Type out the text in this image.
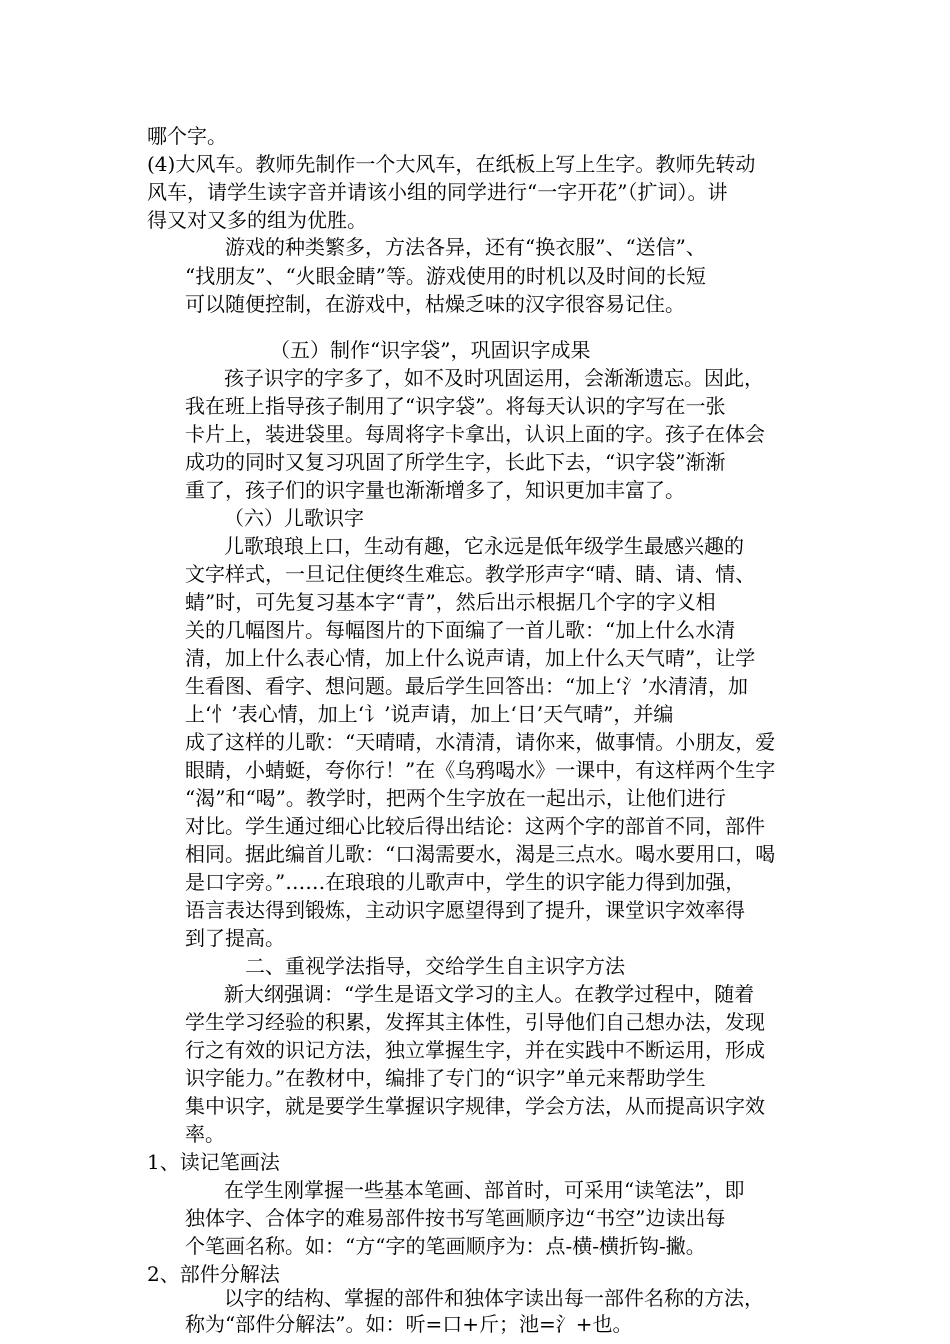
哪个字。
(4)大风车。教师先制作一个大风车，在纸板上写上生字。教师先转动
风车，请学生读字音并请该小组的同学进行“一字开花”（扩词）。讲
得又对又多的组为优胜。
游戏的种类繁多，方法各异，还有“换衣服”、“送信”、
“找朋友”、“火眼金睛”等。游戏使用的时机以及时间的长短
可以随便控制，在游戏中，枯燥乏味的汉字很容易记住。
（五）制作“识字袋”，巩固识字成果
孩子识字的字多了，如不及时巩固运用，会渐渐遗忘。因此，
我在班上指导孩子制用了“识字袋”。将每天认识的字写在一张
卡片上，装进袋里。每周将字卡拿出，认识上面的字。孩子在体会
成功的同时又复习巩固了所学生字，长此下去，“识字袋”渐渐
重了，孩子们的识字量也渐渐增多了，知识更加丰富了。
（六）儿歌识字
儿歌琅琅上口，生动有趣，它永远是低年级学生最感兴趣的
文字样式，一旦记住便终生难忘。教学形声字“晴、睛、请、情、
蜻”时，可先复习基本字“青”，然后出示根据几个字的字义相
关的几幅图片。每幅图片的下面编了一首儿歌：“加上什么水清
清，加上什么表心情，加上什么说声请，加上什么天气晴”，让学
生看图、看字、想问题。最后学生回答出：“加上‘氵’水清清，加
上‘忄’表心情，加上‘讠’说声请，加上‘日’天气晴”，并编
成了这样的儿歌：“天晴晴，水清清，请你来，做事情。小朋友，爱
眼睛，小蜻蜓，夸你行！”在《乌鸦喝水》一课中，有这样两个生字
“渴”和“喝”。教学时，把两个生字放在一起出示，让他们进行
对比。学生通过细心比较后得出结论：这两个字的部首不同，部件
相同。据此编首儿歌：“口渴需要水，渴是三点水。喝水要用口，喝
是口字旁。”……在琅琅的儿歌声中，学生的识字能力得到加强，
语言表达得到锻炼，主动识字愿望得到了提升，课堂识字效率得
到了提高。
二、重视学法指导，交给学生自主识字方法
新大纲强调：“学生是语文学习的主人。在教学过程中，随着
学生学习经验的积累，发挥其主体性，引导他们自己想办法，发现
行之有效的识记方法，独立掌握生字，并在实践中不断运用，形成
识字能力。”在教材中，编排了专门的“识字”单元来帮助学生
集中识字，就是要学生掌握识字规律，学会方法，从而提高识字效
率。
1、读记笔画法
在学生刚掌握一些基本笔画、部首时，可采用“读笔法”，即
独体字、合体字的难易部件按书写笔画顺序边“书空”边读出每
个笔画名称。如：“方“字的笔画顺序为：点-横-横折钩-撇。
2、部件分解法
以字的结构、掌握的部件和独体字读出每一部件名称的方法，
称为“部件分解法”。如：听=口+斤；池=氵+也。
